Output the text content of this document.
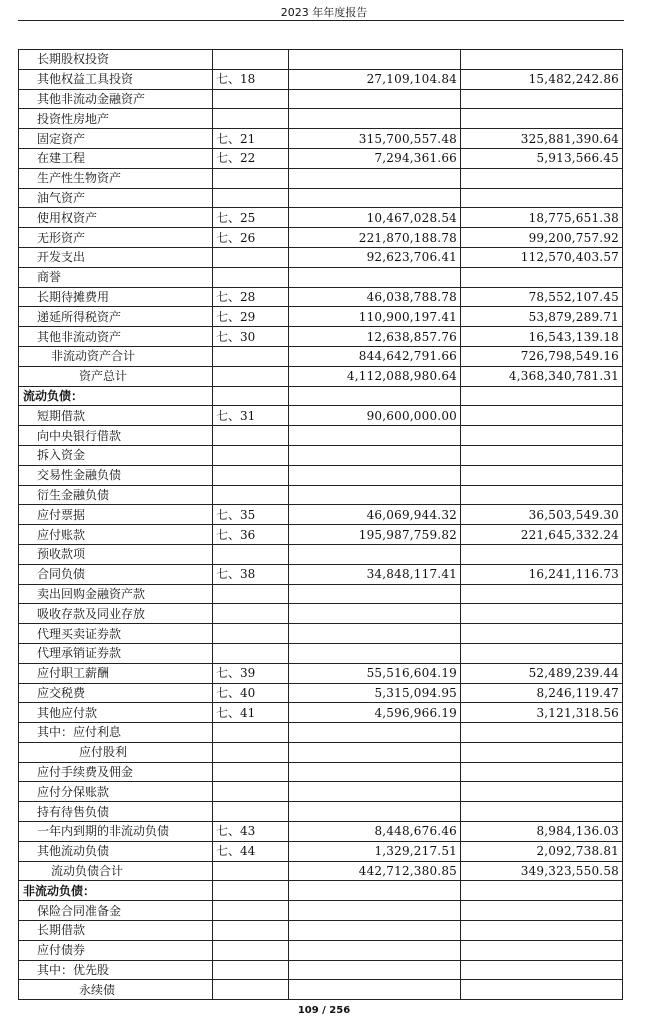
2023 年年度报告
长期股权投资			
其他权益工具投资	七、18	27,109,104.84	15,482,242.86
其他非流动金融资产			
投资性房地产			
固定资产	七、21	315,700,557.48	325,881,390.64
在建工程	七、22	7,294,361.66	5,913,566.45
生产性生物资产			
油气资产			
使用权资产	七、25	10,467,028.54	18,775,651.38
无形资产	七、26	221,870,188.78	99,200,757.92
开发支出		92,623,706.41	112,570,403.57
商誉			
长期待摊费用	七、28	46,038,788.78	78,552,107.45
递延所得税资产	七、29	110,900,197.41	53,879,289.71
其他非流动资产	七、30	12,638,857.76	16,543,139.18
非流动资产合计		844,642,791.66	726,798,549.16
资产总计		4,112,088,980.64	4,368,340,781.31
流动负债：			
短期借款	七、31	90,600,000.00	
向中央银行借款			
拆入资金			
交易性金融负债			
衍生金融负债			
应付票据	七、35	46,069,944.32	36,503,549.30
应付账款	七、36	195,987,759.82	221,645,332.24
预收款项			
合同负债	七、38	34,848,117.41	16,241,116.73
卖出回购金融资产款			
吸收存款及同业存放			
代理买卖证券款			
代理承销证券款			
应付职工薪酬	七、39	55,516,604.19	52,489,239.44
应交税费	七、40	5,315,094.95	8,246,119.47
其他应付款	七、41	4,596,966.19	3,121,318.56
其中：应付利息			
应付股利			
应付手续费及佣金			
应付分保账款			
持有待售负债			
一年内到期的非流动负债	七、43	8,448,676.46	8,984,136.03
其他流动负债	七、44	1,329,217.51	2,092,738.81
流动负债合计		442,712,380.85	349,323,550.58
非流动负债：			
保险合同准备金			
长期借款			
应付债券			
其中：优先股			
永续债			
109 / 256
